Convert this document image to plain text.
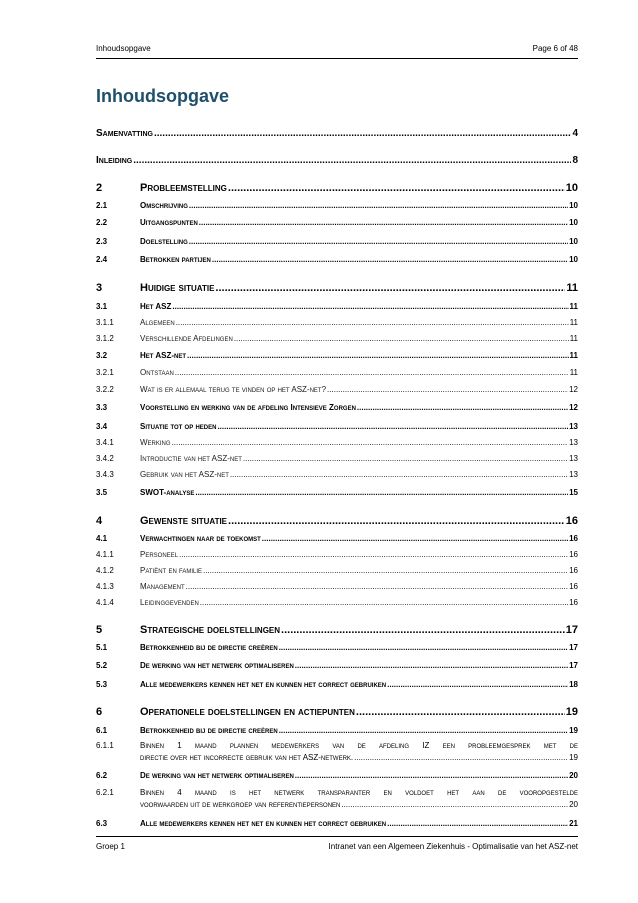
Inhoudsopgave	Page 6 of 48
Inhoudsopgave
Samenvatting .....	4
Inleiding .....	8
2	Probleemstelling .....	10
2.1	Omschrijving .....	10
2.2	Uitgangspunten .....	10
2.3	Doelstelling .....	10
2.4	Betrokken partijen .....	10
3	Huidige situatie .....	11
3.1	Het ASZ .....	11
3.1.1	Algemeen .....	11
3.1.2	Verschillende Afdelingen .....	11
3.2	Het ASZ-net .....	11
3.2.1	Ontstaan .....	11
3.2.2	Wat is er allemaal terug te vinden op het ASZ-net? .....	12
3.3	Voorstelling en werking van de afdeling Intensieve Zorgen .....	12
3.4	Situatie tot op heden .....	13
3.4.1	Werking .....	13
3.4.2	Introductie van het ASZ-net .....	13
3.4.3	Gebruik van het ASZ-net .....	13
3.5	SWOT-analyse .....	15
4	Gewenste situatie .....	16
4.1	Verwachtingen naar de toekomst .....	16
4.1.1	Personeel .....	16
4.1.2	Patiënt en familie .....	16
4.1.3	Management .....	16
4.1.4	Leidinggevenden .....	16
5	Strategische doelstellingen .....	17
5.1	Betrokkenheid bij de directie creëren .....	17
5.2	De werking van het netwerk optimaliseren .....	17
5.3	Alle medewerkers kennen het net en kunnen het correct gebruiken .....	18
6	Operationele doelstellingen en actiepunten .....	19
6.1	Betrokkenheid bij de directie creëren .....	19
6.1.1	Binnen 1 maand plannen medewerkers van de afdeling IZ een probleemgesprek met de
directie over het incorrecte gebruik van het ASZ-netwerk. .....	19
6.2	De werking van het netwerk optimaliseren .....	20
6.2.1	Binnen 4 maand is het netwerk transparanter en voldoet het aan de vooropgestelde
voorwaarden uit de werkgroep van referentiepersonen .....	20
6.3	Alle medewerkers kennen het net en kunnen het correct gebruiken .....	21
Groep 1	Intranet van een Algemeen Ziekenhuis - Optimalisatie van het ASZ-net
